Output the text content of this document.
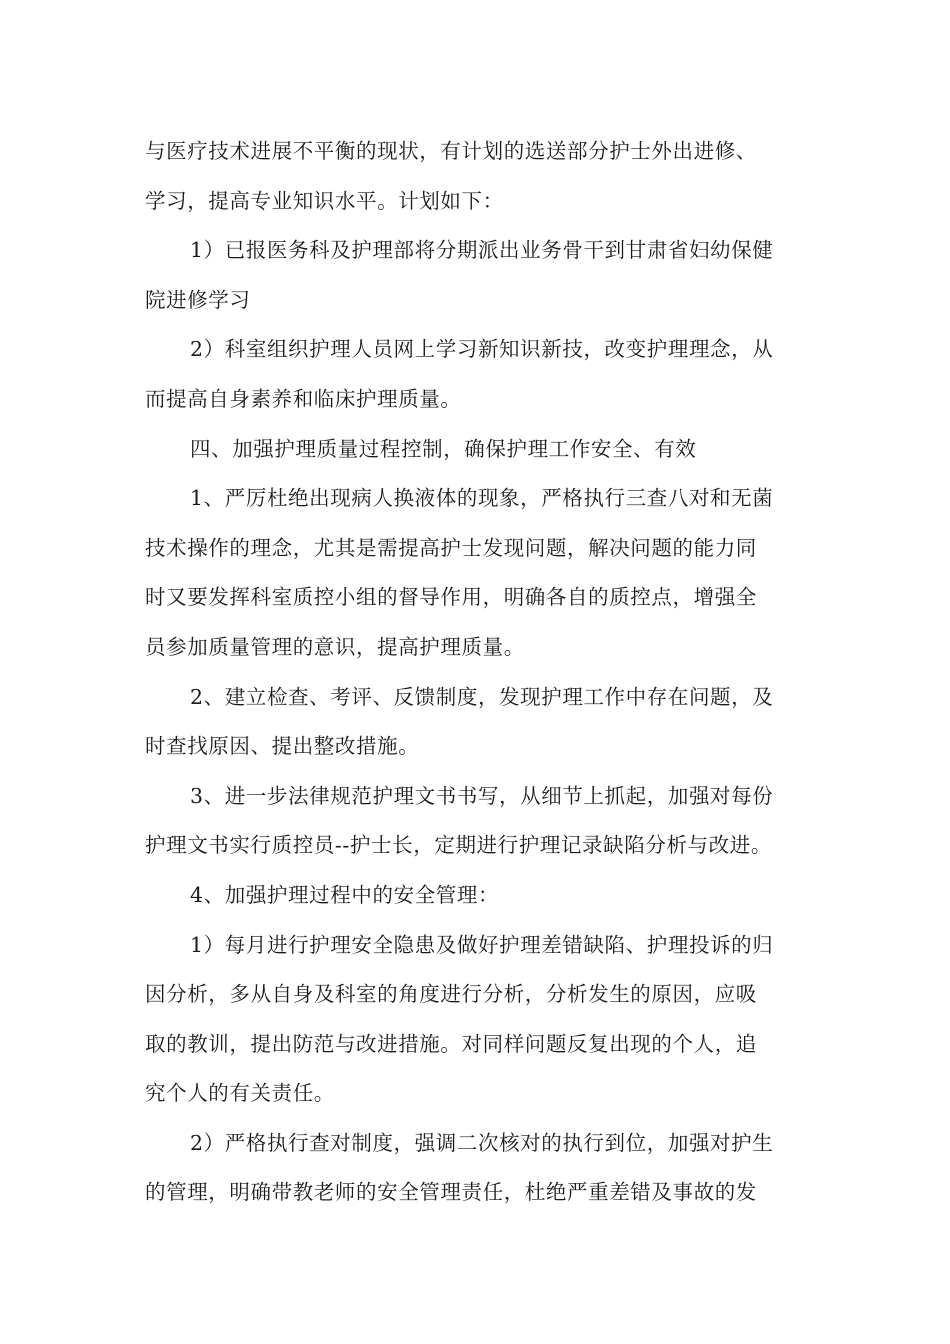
与医疗技术进展不平衡的现状，有计划的选送部分护士外出进修、
学习，提高专业知识水平。计划如下：

1）已报医务科及护理部将分期派出业务骨干到甘肃省妇幼保健
院进修学习

2）科室组织护理人员网上学习新知识新技，改变护理理念，从
而提高自身素养和临床护理质量。

四、加强护理质量过程控制，确保护理工作安全、有效

1、严厉杜绝出现病人换液体的现象，严格执行三查八对和无菌
技术操作的理念，尤其是需提高护士发现问题，解决问题的能力同
时又要发挥科室质控小组的督导作用，明确各自的质控点，增强全
员参加质量管理的意识，提高护理质量。

2、建立检查、考评、反馈制度，发现护理工作中存在问题，及
时查找原因、提出整改措施。

3、进一步法律规范护理文书书写，从细节上抓起，加强对每份
护理文书实行质控员--护士长，定期进行护理记录缺陷分析与改进。

4、加强护理过程中的安全管理：

1）每月进行护理安全隐患及做好护理差错缺陷、护理投诉的归
因分析，多从自身及科室的角度进行分析，分析发生的原因，应吸
取的教训，提出防范与改进措施。对同样问题反复出现的个人，追
究个人的有关责任。

2）严格执行查对制度，强调二次核对的执行到位，加强对护生
的管理，明确带教老师的安全管理责任，杜绝严重差错及事故的发
